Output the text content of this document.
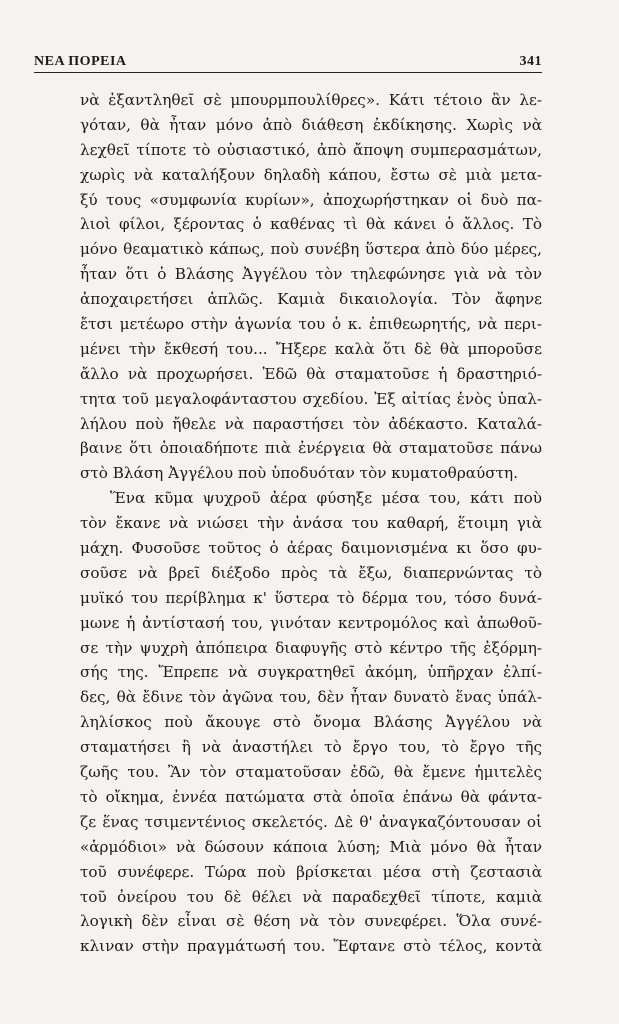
ΝΕΑ ΠΟΡΕΙΑ	341
νὰ ἐξαντληθεῖ σὲ μπουρμπουλίθρες». Κάτι τέτοιο ἂν λε-
γόταν, θὰ ἦταν μόνο ἀπὸ διάθεση ἐκδίκησης. Χωρὶς νὰ
λεχθεῖ τίποτε τὸ οὐσιαστικό, ἀπὸ ἄποψη συμπερασμάτων,
χωρὶς νὰ καταλήξουν δηλαδὴ κάπου, ἔστω σὲ μιὰ μετα-
ξύ τους «συμφωνία κυρίων», ἀποχωρήστηκαν οἱ δυὸ πα-
λιοὶ φίλοι, ξέροντας ὁ καθένας τὶ θὰ κάνει ὁ ἄλλος. Τὸ
μόνο θεαματικὸ κάπως, ποὺ συνέβη ὕστερα ἀπὸ δύο μέρες,
ἦταν ὅτι ὁ Βλάσης Ἀγγέλου τὸν τηλεφώνησε γιὰ νὰ τὸν
ἀποχαιρετήσει ἁπλῶς. Καμιὰ δικαιολογία. Τὸν ἄφηνε
ἔτσι μετέωρο στὴν ἀγωνία του ὁ κ. ἐπιθεωρητής, νὰ περι-
μένει τὴν ἔκθεσή του... Ἤξερε καλὰ ὅτι δὲ θὰ μποροῦσε
ἄλλο νὰ προχωρήσει. Ἐδῶ θὰ σταματοῦσε ἡ δραστηριό-
τητα τοῦ μεγαλοφάνταστου σχεδίου. Ἐξ αἰτίας ἑνὸς ὑπαλ-
λήλου ποὺ ἤθελε νὰ παραστήσει τὸν ἀδέκαστο. Καταλά-
βαινε ὅτι ὁποιαδήποτε πιὰ ἐνέργεια θὰ σταματοῦσε πάνω
στὸ Βλάση Ἀγγέλου ποὺ ὑποδυόταν τὸν κυματοθραύστη.
Ἕνα κῦμα ψυχροῦ ἀέρα φύσηξε μέσα του, κάτι ποὺ
τὸν ἔκανε νὰ νιώσει τὴν ἀνάσα του καθαρή, ἕτοιμη γιὰ
μάχη. Φυσοῦσε τοῦτος ὁ ἀέρας δαιμονισμένα κι ὅσο φυ-
σοῦσε νὰ βρεῖ διέξοδο πρὸς τὰ ἔξω, διαπερνώντας τὸ
μυϊκό του περίβλημα κ' ὕστερα τὸ δέρμα του, τόσο δυνά-
μωνε ἡ ἀντίστασή του, γινόταν κεντρομόλος καὶ ἀπωθοῦ-
σε τὴν ψυχρὴ ἀπόπειρα διαφυγῆς στὸ κέντρο τῆς ἐξόρμη-
σής της. Ἔπρεπε νὰ συγκρατηθεῖ ἀκόμη, ὑπῆρχαν ἐλπί-
δες, θὰ ἔδινε τὸν ἀγῶνα του, δὲν ἦταν δυνατὸ ἕνας ὑπάλ-
ληλίσκος ποὺ ἄκουγε στὸ ὄνομα Βλάσης Ἀγγέλου νὰ
σταματήσει ἢ νὰ ἀναστήλει τὸ ἔργο του, τὸ ἔργο τῆς
ζωῆς του. Ἂν τὸν σταματοῦσαν ἐδῶ, θὰ ἔμενε ἡμιτελὲς
τὸ οἴκημα, ἐννέα πατώματα στὰ ὁποῖα ἐπάνω θὰ φάντα-
ζε ἕνας τσιμεντένιος σκελετός. Δὲ θ' ἀναγκαζόντουσαν οἱ
«ἁρμόδιοι» νὰ δώσουν κάποια λύση; Μιὰ μόνο θὰ ἦταν
τοῦ συνέφερε. Τώρα ποὺ βρίσκεται μέσα στὴ ζεστασιὰ
τοῦ ὀνείρου του δὲ θέλει νὰ παραδεχθεῖ τίποτε, καμιὰ
λογικὴ δὲν εἶναι σὲ θέση νὰ τὸν συνεφέρει. Ὅλα συνέ-
κλιναν στὴν πραγμάτωσή του. Ἔφτανε στὸ τέλος, κοντὰ
